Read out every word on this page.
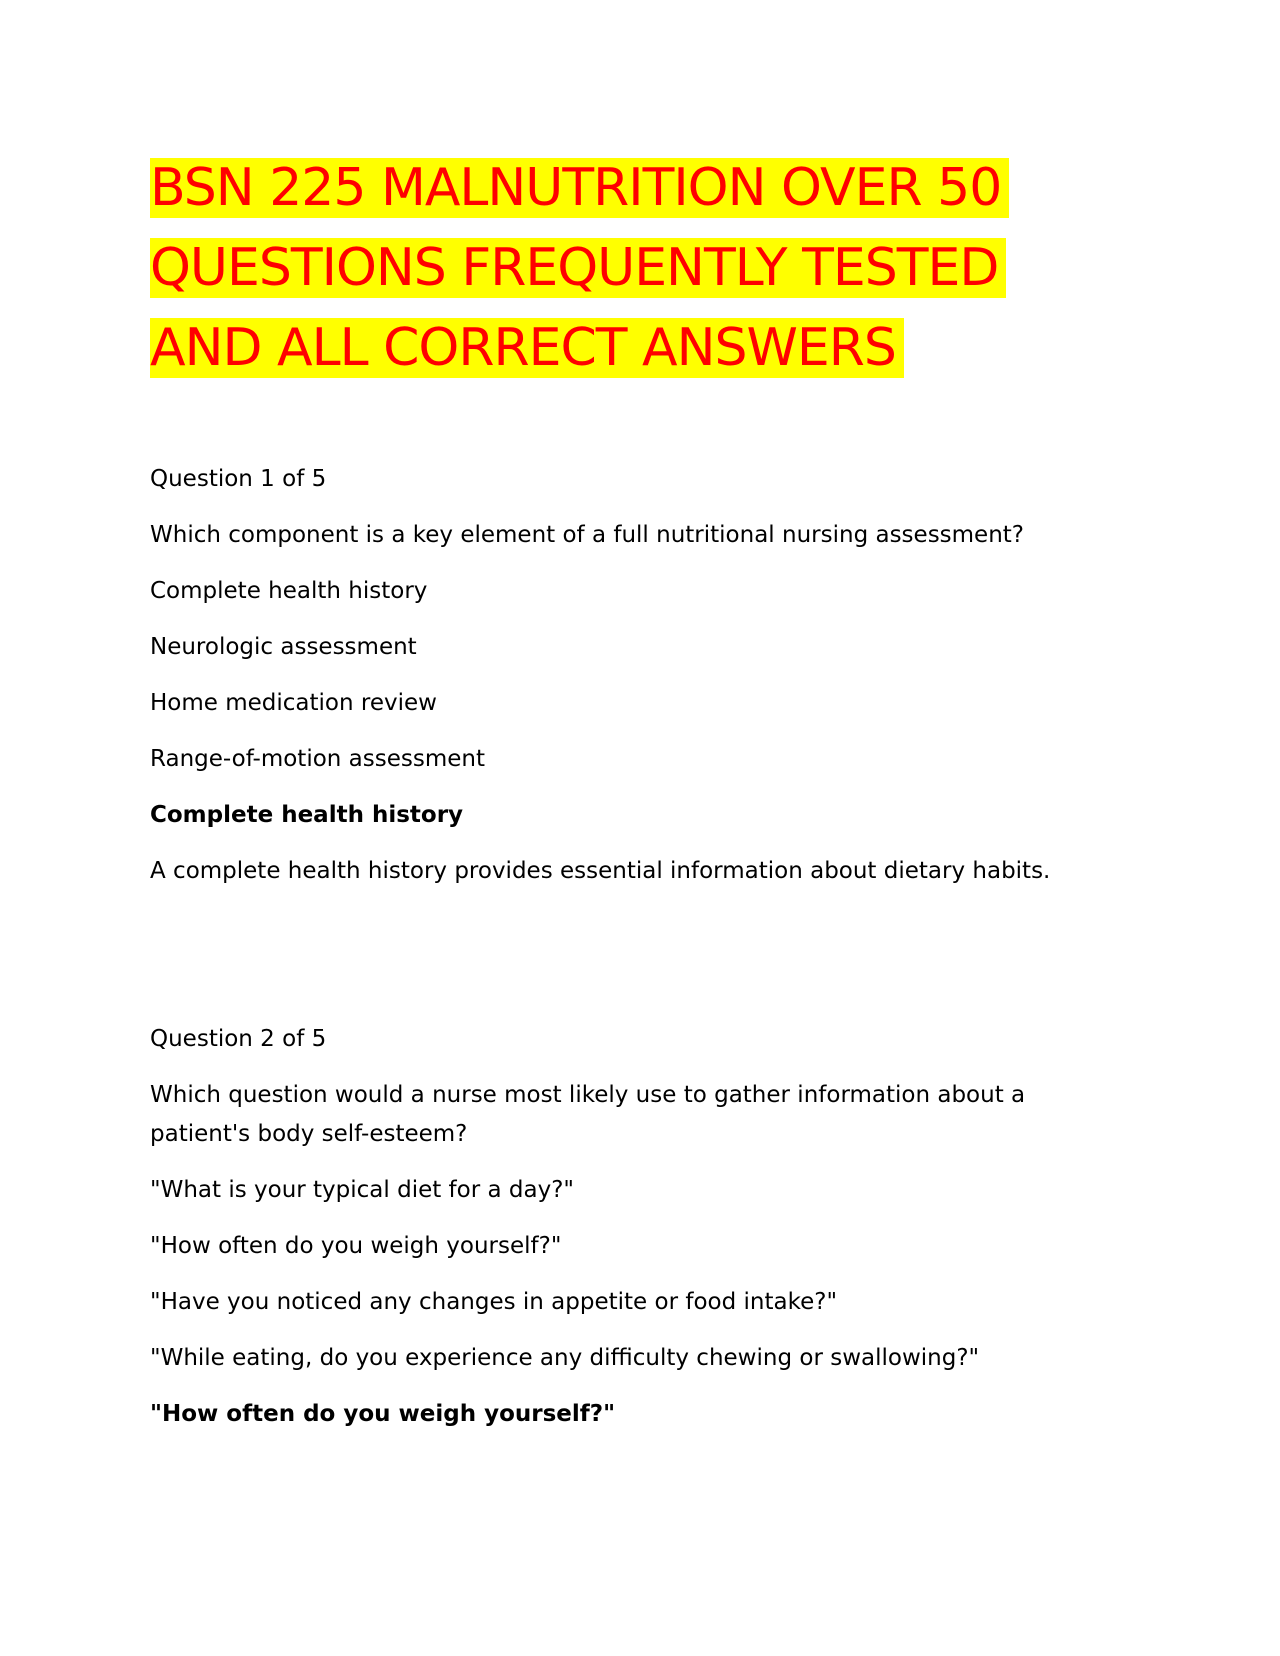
BSN 225 MALNUTRITION OVER 50 QUESTIONS FREQUENTLY TESTED AND ALL CORRECT ANSWERS

Question 1 of 5

Which component is a key element of a full nutritional nursing assessment?

Complete health history

Neurologic assessment

Home medication review

Range-of-motion assessment

Complete health history

A complete health history provides essential information about dietary habits.

Question 2 of 5

Which question would a nurse most likely use to gather information about a patient's body self-esteem?

"What is your typical diet for a day?"

"How often do you weigh yourself?"

"Have you noticed any changes in appetite or food intake?"

"While eating, do you experience any difficulty chewing or swallowing?"

"How often do you weigh yourself?"
